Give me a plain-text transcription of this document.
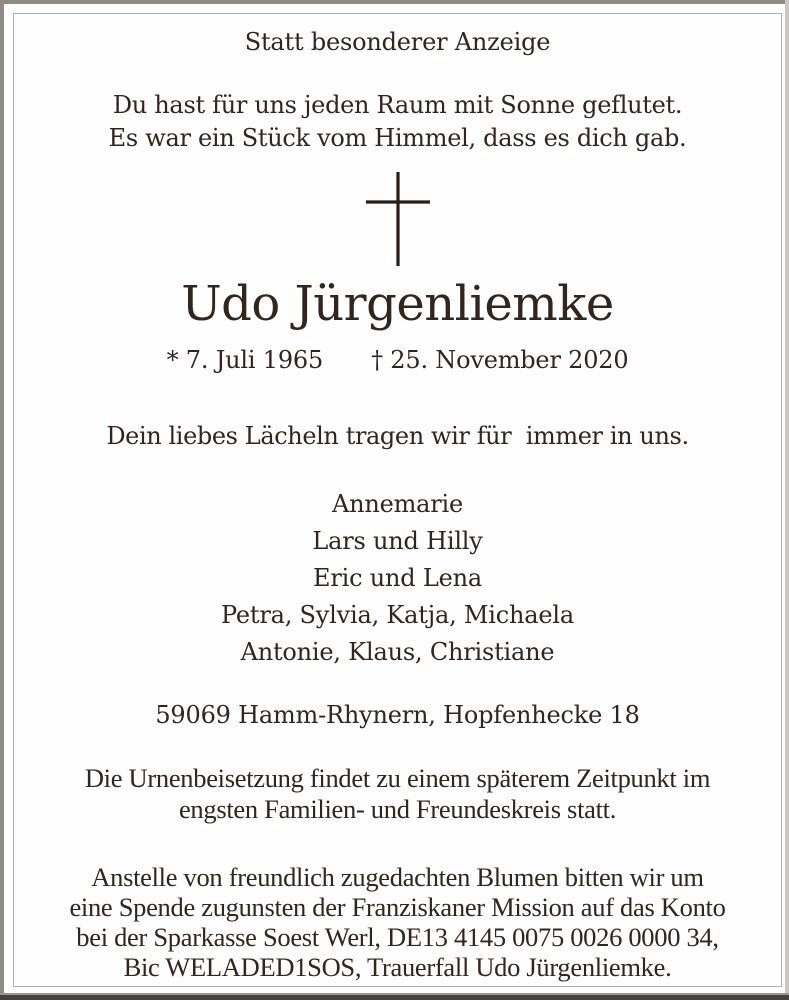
Statt besonderer Anzeige
Du hast für uns jeden Raum mit Sonne geflutet.
Es war ein Stück vom Himmel, dass es dich gab.
Udo Jürgenliemke
* 7. Juli 1965 † 25. November 2020
Dein liebes Lächeln tragen wir für  immer in uns.
Annemarie
Lars und Hilly
Eric und Lena
Petra, Sylvia, Katja, Michaela
Antonie, Klaus, Christiane
59069 Hamm-Rhynern, Hopfenhecke 18
Die Urnenbeisetzung findet zu einem späterem Zeitpunkt im
engsten Familien- und Freundeskreis statt.
Anstelle von freundlich zugedachten Blumen bitten wir um
eine Spende zugunsten der Franziskaner Mission auf das Konto
bei der Sparkasse Soest Werl, DE13 4145 0075 0026 0000 34,
Bic WELADED1SOS, Trauerfall Udo Jürgenliemke.
